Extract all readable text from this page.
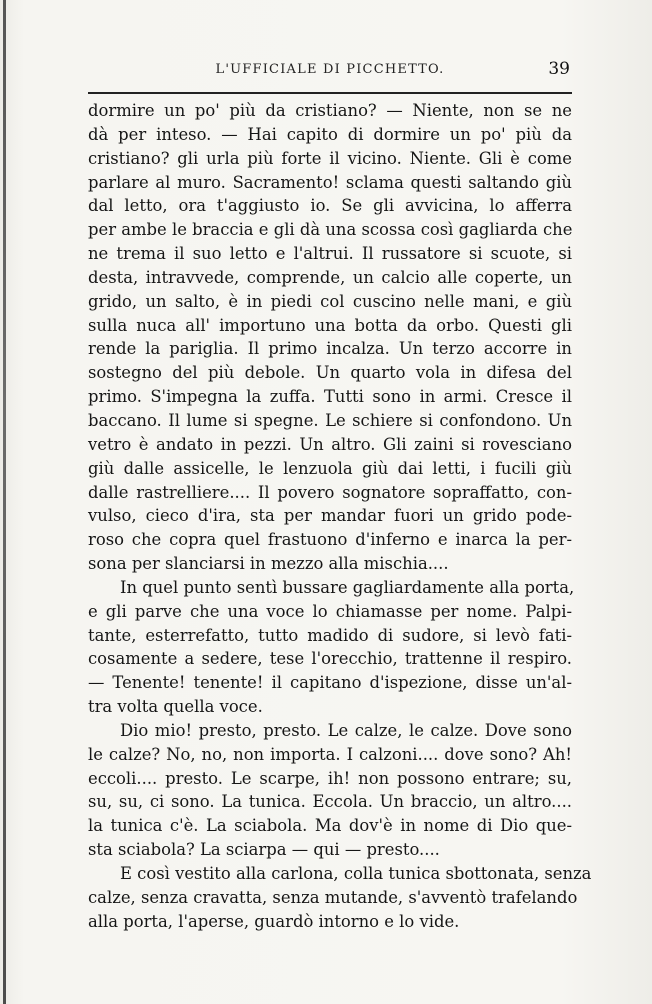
L'UFFICIALE DI PICCHETTO.	39

dormire un po' più da cristiano? — Niente, non se ne
dà per inteso. — Hai capito di dormire un po' più da
cristiano? gli urla più forte il vicino. Niente. Gli è come
parlare al muro. Sacramento! sclama questi saltando giù
dal letto, ora t'aggiusto io. Se gli avvicina, lo afferra
per ambe le braccia e gli dà una scossa così gagliarda che
ne trema il suo letto e l'altrui. Il russatore si scuote, si
desta, intravvede, comprende, un calcio alle coperte, un
grido, un salto, è in piedi col cuscino nelle mani, e giù
sulla nuca all' importuno una botta da orbo. Questi gli
rende la pariglia. Il primo incalza. Un terzo accorre in
sostegno del più debole. Un quarto vola in difesa del
primo. S'impegna la zuffa. Tutti sono in armi. Cresce il
baccano. Il lume si spegne. Le schiere si confondono. Un
vetro è andato in pezzi. Un altro. Gli zaini si rovesciano
giù dalle assicelle, le lenzuola giù dai letti, i fucili giù
dalle rastrelliere.... Il povero sognatore sopraffatto, con-
vulso, cieco d'ira, sta per mandar fuori un grido pode-
roso che copra quel frastuono d'inferno e inarca la per-
sona per slanciarsi in mezzo alla mischia....

In quel punto sentì bussare gagliardamente alla porta,
e gli parve che una voce lo chiamasse per nome. Palpi-
tante, esterrefatto, tutto madido di sudore, si levò fati-
cosamente a sedere, tese l'orecchio, trattenne il respiro.
— Tenente! tenente! il capitano d'ispezione, disse un'al-
tra volta quella voce.

Dio mio! presto, presto. Le calze, le calze. Dove sono
le calze? No, no, non importa. I calzoni.... dove sono? Ah!
eccoli.... presto. Le scarpe, ih! non possono entrare; su,
su, su, ci sono. La tunica. Eccola. Un braccio, un altro....
la tunica c'è. La sciabola. Ma dov'è in nome di Dio que-
sta sciabola? La sciarpa — qui — presto....

E così vestito alla carlona, colla tunica sbottonata, senza
calze, senza cravatta, senza mutande, s'avventò trafelando
alla porta, l'aperse, guardò intorno e lo vide.
